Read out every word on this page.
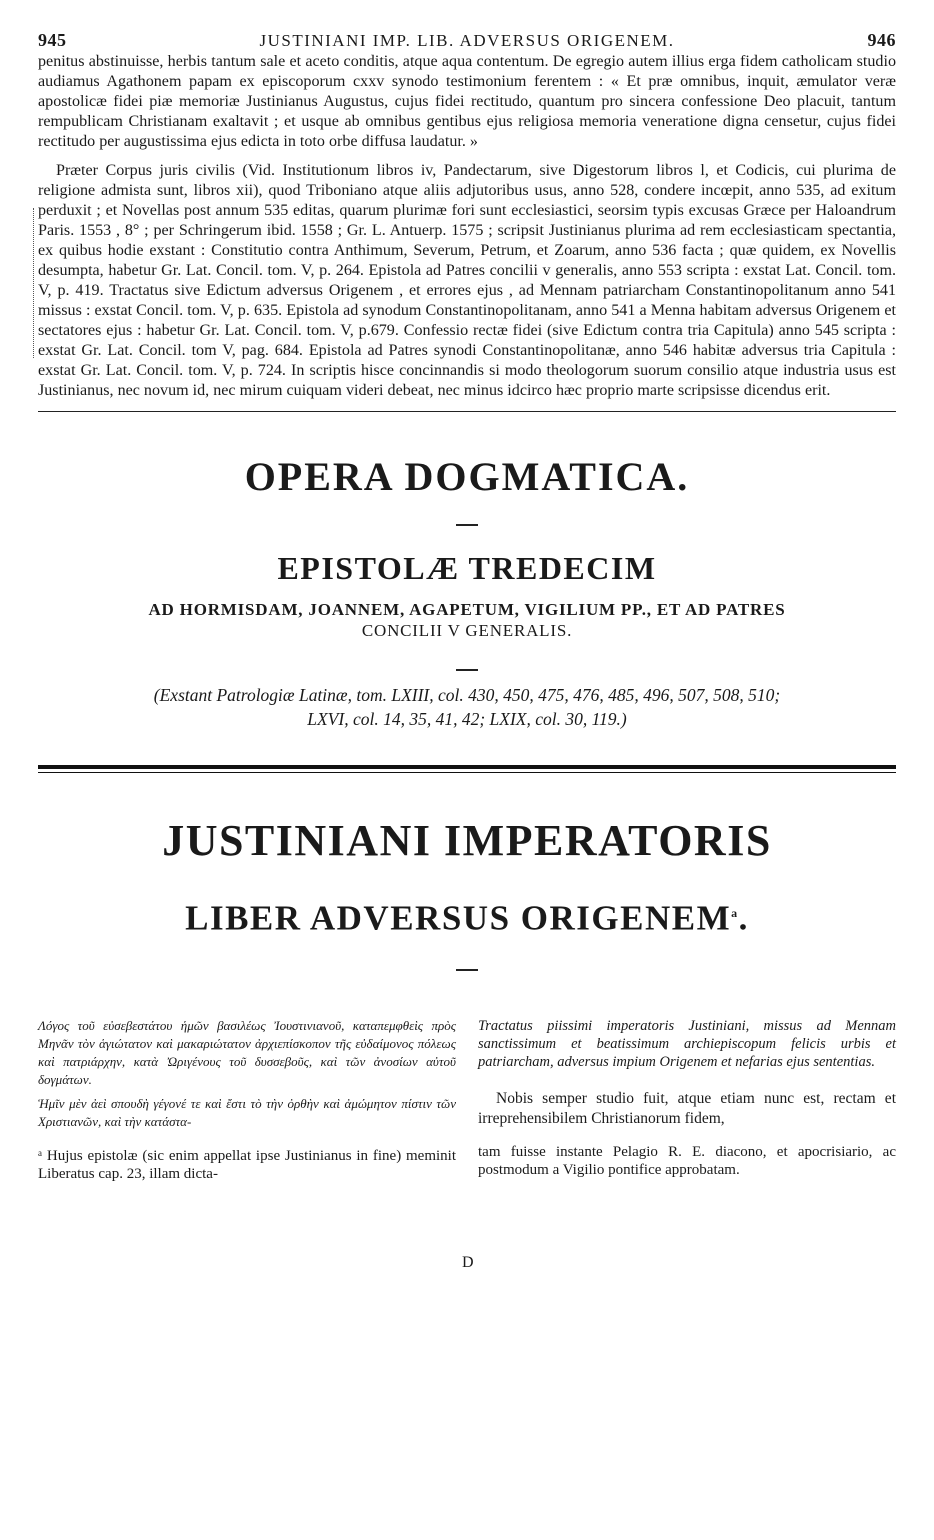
945	JUSTINIANI IMP. LIB. ADVERSUS ORIGENEM.	946

penitus abstinuisse, herbis tantum sale et aceto conditis, atque aqua contentum. De egregio autem illius erga fidem catholicam studio audiamus Agathonem papam ex episcoporum cxxv synodo testimonium ferentem : « Et præ omnibus, inquit, æmulator veræ apostolicæ fidei piæ memoriæ Justinianus Augustus, cujus fidei rectitudo, quantum pro sincera confessione Deo placuit, tantum rempublicam Christianam exaltavit ; et usque ab omnibus gentibus ejus religiosa memoria veneratione digna censetur, cujus fidei rectitudo per augustissima ejus edicta in toto orbe diffusa laudatur. »

Præter Corpus juris civilis (Vid. Institutionum libros iv, Pandectarum, sive Digestorum libros l, et Codicis, cui plurima de religione admista sunt, libros xii), quod Triboniano atque aliis adjutoribus usus, anno 528, condere incœpit, anno 535, ad exitum perduxit ; et Novellas post annum 535 editas, quarum plurimæ fori sunt ecclesiastici, seorsim typis excusas Græce per Haloandrum Paris. 1553 , 8° ; per Schringerum ibid. 1558 ; Gr. L. Antuerp. 1575 ; scripsit Justinianus plurima ad rem ecclesiasticam spectantia, ex quibus hodie exstant : Constitutio contra Anthimum, Severum, Petrum, et Zoarum, anno 536 facta ; quæ quidem, ex Novellis desumpta, habetur Gr. Lat. Concil. tom. V, p. 264. Epistola ad Patres concilii v generalis, anno 553 scripta : exstat Lat. Concil. tom. V, p. 419. Tractatus sive Edictum adversus Origenem , et errores ejus , ad Mennam patriarcham Constantinopolitanum anno 541 missus : exstat Concil. tom. V, p. 635. Epistola ad synodum Constantinopolitanam, anno 541 a Menna habitam adversus Origenem et sectatores ejus : habetur Gr. Lat. Concil. tom. V, p.679. Confessio rectæ fidei (sive Edictum contra tria Capitula) anno 545 scripta : exstat Gr. Lat. Concil. tom V, pag. 684. Epistola ad Patres synodi Constantinopolitanæ, anno 546 habitæ adversus tria Capitula : exstat Gr. Lat. Concil. tom. V, p. 724. In scriptis hisce concinnandis si modo theologorum suorum consilio atque industria usus est Justinianus, nec novum id, nec mirum cuiquam videri debeat, nec minus idcirco hæc proprio marte scripsisse dicendus erit.

OPERA DOGMATICA.
EPISTOLÆ TREDECIM
AD HORMISDAM, JOANNEM, AGAPETUM, VIGILIUM PP., ET AD PATRES
CONCILII V GENERALIS.
(Exstant Patrologiæ Latinæ, tom. LXIII, col. 430, 450, 475, 476, 485, 496, 507, 508, 510;
LXVI, col. 14, 35, 41, 42; LXIX, col. 30, 119.)
JUSTINIANI IMPERATORIS
LIBER ADVERSUS ORIGENEM$^a$.
Λόγος τοῦ εὐσεβεστάτου ἡμῶν βασιλέως Ἰουστινιανοῦ, καταπεμφθεὶς πρὸς Μηνᾶν τὸν ἁγιώτατον καὶ μακαριώτατον ἀρχιεπίσκοπον τῆς εὐδαίμονος πόλεως καὶ πατριάρχην, κατὰ Ὠριγένους τοῦ δυσσεβοῦς, καὶ τῶν ἀνοσίων αὐτοῦ δογμάτων.
Ἡμῖν μὲν ἀεὶ σπουδὴ γέγονέ τε καὶ ἔστι τὸ τὴν ὀρθὴν καὶ ἀμώμητον πίστιν τῶν Χριστιανῶν, καὶ τὴν κατάστα-
ᵃ Hujus epistolæ (sic enim appellat ipse Justinianus in fine) meminit Liberatus cap. 23, illam dicta-
Tractatus piissimi imperatoris Justiniani, missus ad Mennam sanctissimum et beatissimum archiepiscopum felicis urbis et patriarcham, adversus impium Origenem et nefarias ejus sententias.
Nobis semper studio fuit, atque etiam nunc est, rectam et irreprehensibilem Christianorum fidem,
tam fuisse instante Pelagio R. E. diacono, et apocrisiario, ac postmodum a Vigilio pontifice approbatam.
D
